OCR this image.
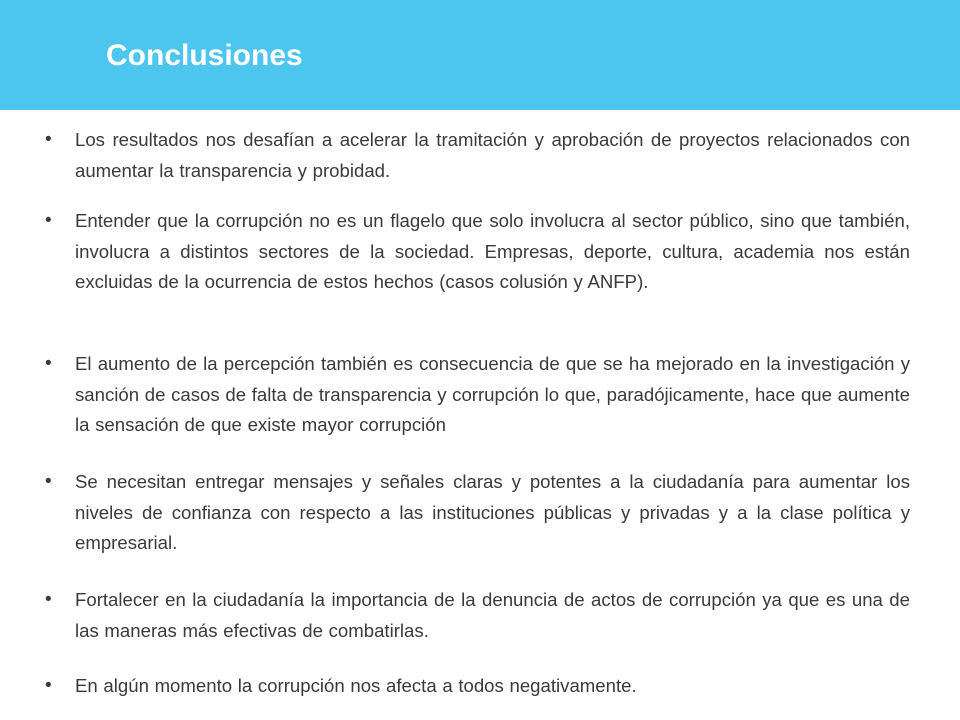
Conclusiones
• Los resultados nos desafían a acelerar la tramitación y aprobación de proyectos relacionados con aumentar la transparencia y probidad.
• Entender que la corrupción no es un flagelo que solo involucra al sector público, sino que también, involucra a distintos sectores de la sociedad. Empresas, deporte, cultura, academia nos están excluidas de la ocurrencia de estos hechos (casos colusión y ANFP).
• El aumento de la percepción también es consecuencia de que se ha mejorado en la investigación y sanción de casos de falta de transparencia y corrupción lo que, paradójicamente, hace que aumente la sensación de que existe mayor corrupción
• Se necesitan entregar mensajes y señales claras y potentes a la ciudadanía para aumentar los niveles de confianza con respecto a las instituciones públicas y privadas y a la clase política y empresarial.
• Fortalecer en la ciudadanía la importancia de la denuncia de actos de corrupción ya que es una de las maneras más efectivas de combatirlas.
• En algún momento la corrupción nos afecta a todos negativamente.
